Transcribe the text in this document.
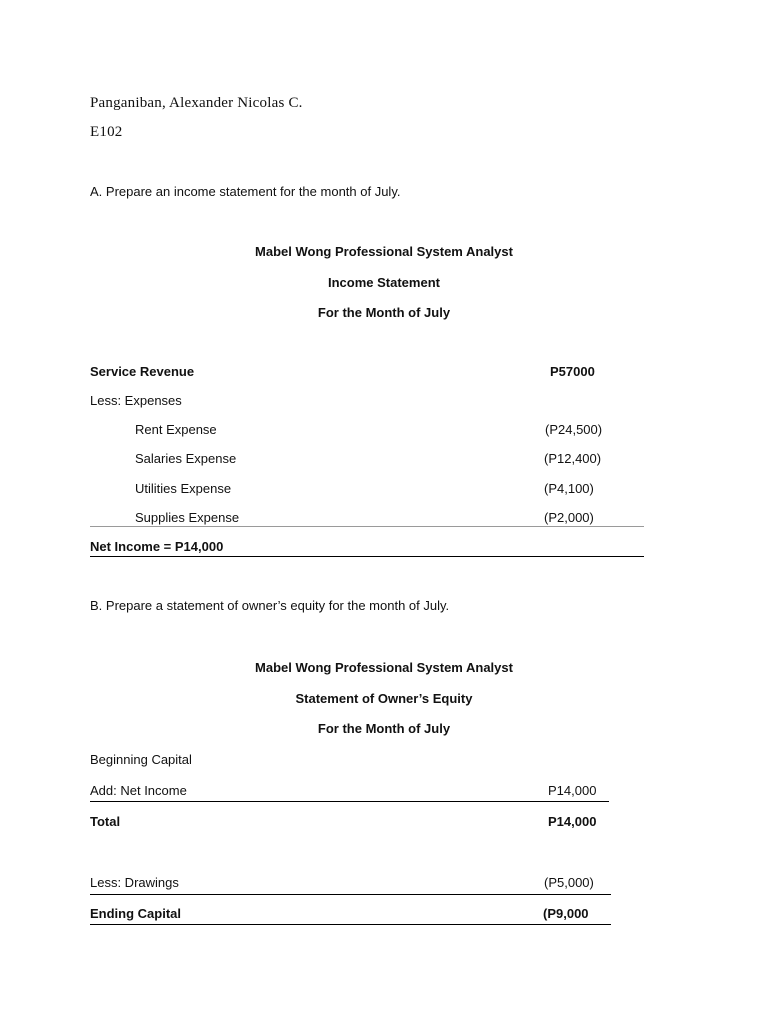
Panganiban, Alexander Nicolas C.
E102
A. Prepare an income statement for the month of July.
Mabel Wong Professional System Analyst
Income Statement
For the Month of July
Service Revenue	P57000
Less: Expenses
Rent Expense	(P24,500)
Salaries Expense	(P12,400)
Utilities Expense	(P4,100)
Supplies Expense	(P2,000)
Net Income = P14,000
B. Prepare a statement of owner’s equity for the month of July.
Mabel Wong Professional System Analyst
Statement of Owner’s Equity
For the Month of July
Beginning Capital
Add: Net Income	P14,000
Total	P14,000
Less: Drawings	(P5,000)
Ending Capital	(P9,000
